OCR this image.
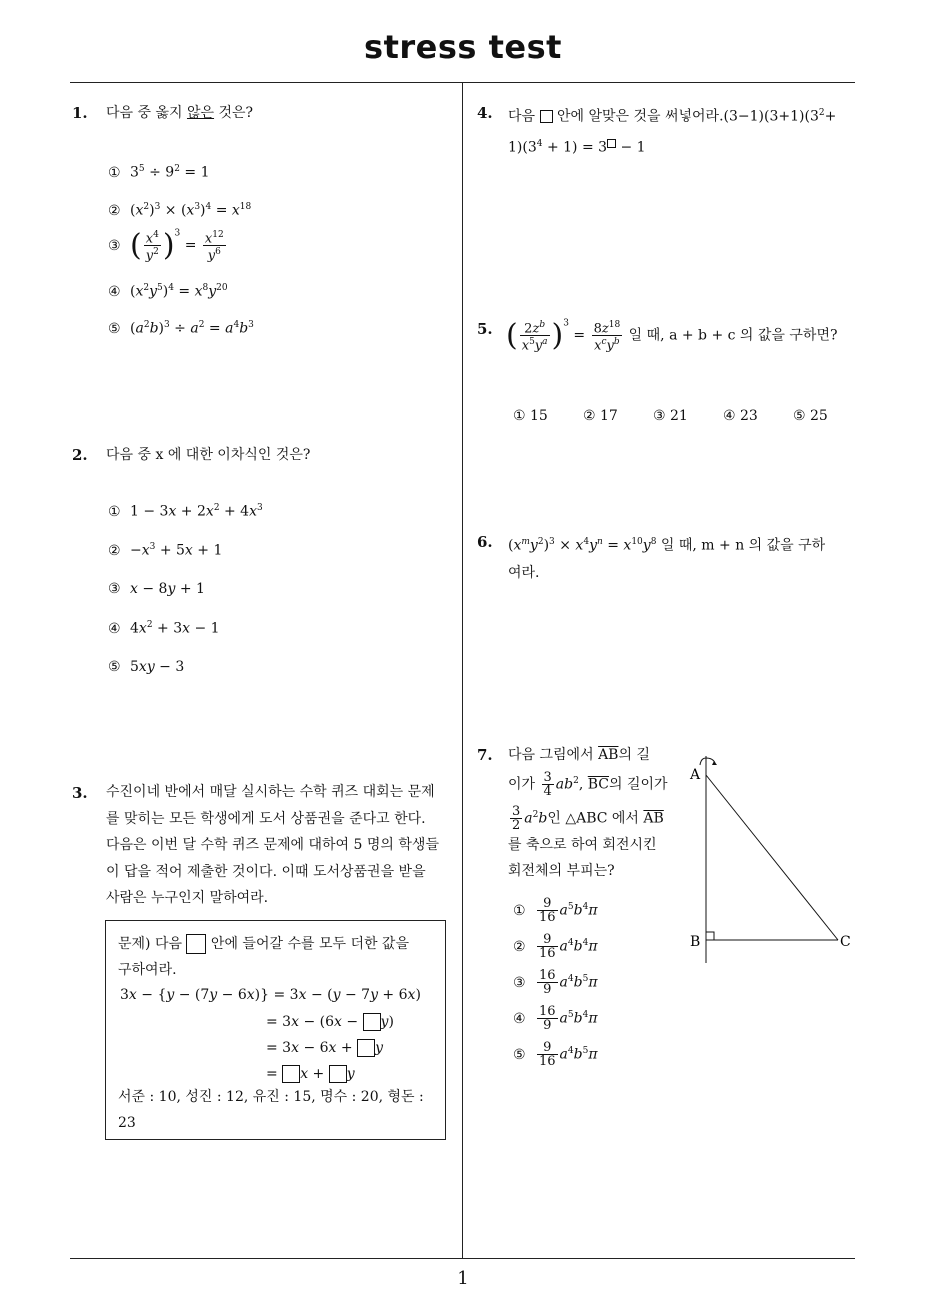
stress test
1
1. 다음 중 옳지 않은 것은?
① $3^5 \div 9^2 = 1$
② $(x^2)^3 \times (x^3)^4 = x^{18}$
③ ( $\frac{x^4}{y^2} )^3 = \frac{x^{12}}{y^6}$
④ $(x^2y^5)^4 = x^8y^{20}$
⑤ $(a^2b)^3 \div a^2 = a^4b^3$
2. 다음 중 x 에 대한 이차식인 것은?
① $1 - 3x + 2x^2 + 4x^3$
② $-x^3 + 5x + 1$
③ x − 8y + 1
④ $4x^2 + 3x - 1$
⑤ 5xy − 3
3. 수진이네 반에서 매달 실시하는 수학 퀴즈 대회는 문제
를 맞히는 모든 학생에게 도서 상품권을 준다고 한다.
다음은 이번 달 수학 퀴즈 문제에 대하여 5 명의 학생들
이 답을 적어 제출한 것이다. 이때 도서상품권을 받을
사람은 누구인지 말하여라.
문제) 다음 안에 들어갈 수를 모두 더한 값을
구하여라.
3x − {y − (7y − 6x)} = 3x − (y − 7y + 6x)
= 3x − (6x − y)
= 3x − 6x + y
= x + y
서준 : 10, 성진 : 12, 유진 : 15, 명수 : 20, 형돈 :
23
4. 다음 안에 알맞은 것을 써넣어라$.(3-1)(3+1)(3^2+$
$1)(3^4 + 1) = 3 - 1$
5. ( $\frac{2z^b}{x^5y^a} )^3 = \frac{8z^{18}}{x^cy^b}$ 일 때, a + b + c 의 값을 구하면?
① 15	② 17	③ 21	④ 23	⑤ 25
6. $(x^my^2)^3 \times x^4y^n = x^{10}y^8$ 일 때, m + n 의 값을 구하
여라.
7. 다음 그림에서 $\overline{AB}$의 길
이가 $\frac{3}{4} ab^2$, $\overline{BC}$의 길이가
$\frac{3}{2} a^2b$인 △ABC 에서 $\overline{AB}$
를 축으로 하여 회전시킨
회전체의 부피는?
① $\frac{9}{16} a^5b^4\pi$
② $\frac{9}{16} a^4b^4\pi$
③ $\frac{16}{9} a^4b^5\pi$
④ $\frac{16}{9} a^5b^4\pi$
⑤ $\frac{9}{16} a^4b^5\pi$
A
B	C
